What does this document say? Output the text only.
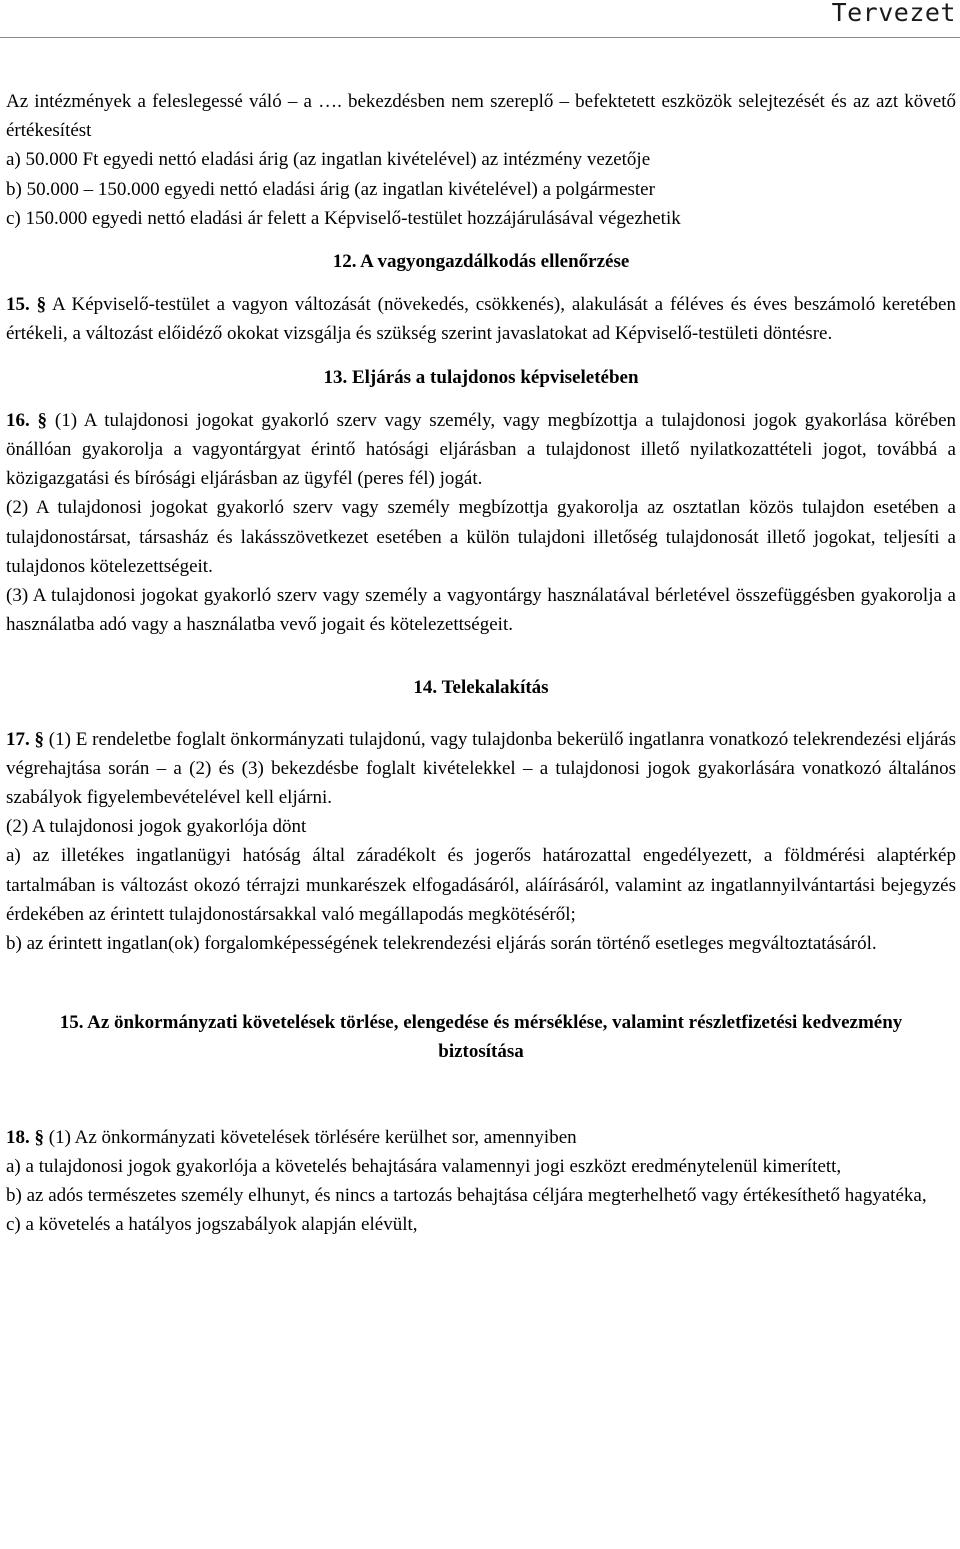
Tervezet

Az intézmények a feleslegessé váló – a …. bekezdésben nem szereplő – befektetett eszközök selejtezését és az azt követő értékesítést

a) 50.000 Ft egyedi nettó eladási árig (az ingatlan kivételével) az intézmény vezetője

b) 50.000 – 150.000 egyedi nettó eladási árig (az ingatlan kivételével) a polgármester

c) 150.000 egyedi nettó eladási ár felett a Képviselő-testület hozzájárulásával végezhetik

12. A vagyongazdálkodás ellenőrzése

15. § A Képviselő-testület a vagyon változását (növekedés, csökkenés), alakulását a féléves és éves beszámoló keretében értékeli, a változást előidéző okokat vizsgálja és szükség szerint javaslatokat ad Képviselő-testületi döntésre.

13. Eljárás a tulajdonos képviseletében

16. § (1) A tulajdonosi jogokat gyakorló szerv vagy személy, vagy megbízottja a tulajdonosi jogok gyakorlása körében önállóan gyakorolja a vagyontárgyat érintő hatósági eljárásban a tulajdonost illető nyilatkozattételi jogot, továbbá a közigazgatási és bírósági eljárásban az ügyfél (peres fél) jogát.

(2) A tulajdonosi jogokat gyakorló szerv vagy személy megbízottja gyakorolja az osztatlan közös tulajdon esetében a tulajdonostársat, társasház és lakásszövetkezet esetében a külön tulajdoni illetőség tulajdonosát illető jogokat, teljesíti a tulajdonos kötelezettségeit.

(3) A tulajdonosi jogokat gyakorló szerv vagy személy a vagyontárgy használatával bérletével összefüggésben gyakorolja a használatba adó vagy a használatba vevő jogait és kötelezettségeit.

14. Telekalakítás

17. § (1) E rendeletbe foglalt önkormányzati tulajdonú, vagy tulajdonba bekerülő ingatlanra vonatkozó telekrendezési eljárás végrehajtása során – a (2) és (3) bekezdésbe foglalt kivételekkel – a tulajdonosi jogok gyakorlására vonatkozó általános szabályok figyelembevételével kell eljárni.

(2) A tulajdonosi jogok gyakorlója dönt

a) az illetékes ingatlanügyi hatóság által záradékolt és jogerős határozattal engedélyezett, a földmérési alaptérkép tartalmában is változást okozó térrajzi munkarészek elfogadásáról, aláírásáról, valamint az ingatlannyilvántartási bejegyzés érdekében az érintett tulajdonostársakkal való megállapodás megkötéséről;

b) az érintett ingatlan(ok) forgalomképességének telekrendezési eljárás során történő esetleges megváltoztatásáról.

15. Az önkormányzati követelések törlése, elengedése és mérséklése, valamint részletfizetési kedvezmény biztosítása

18. § (1) Az önkormányzati követelések törlésére kerülhet sor, amennyiben

a) a tulajdonosi jogok gyakorlója a követelés behajtására valamennyi jogi eszközt eredménytelenül kimerített,

b) az adós természetes személy elhunyt, és nincs a tartozás behajtása céljára megterhelhető vagy értékesíthető hagyatéka,

c) a követelés a hatályos jogszabályok alapján elévült,
